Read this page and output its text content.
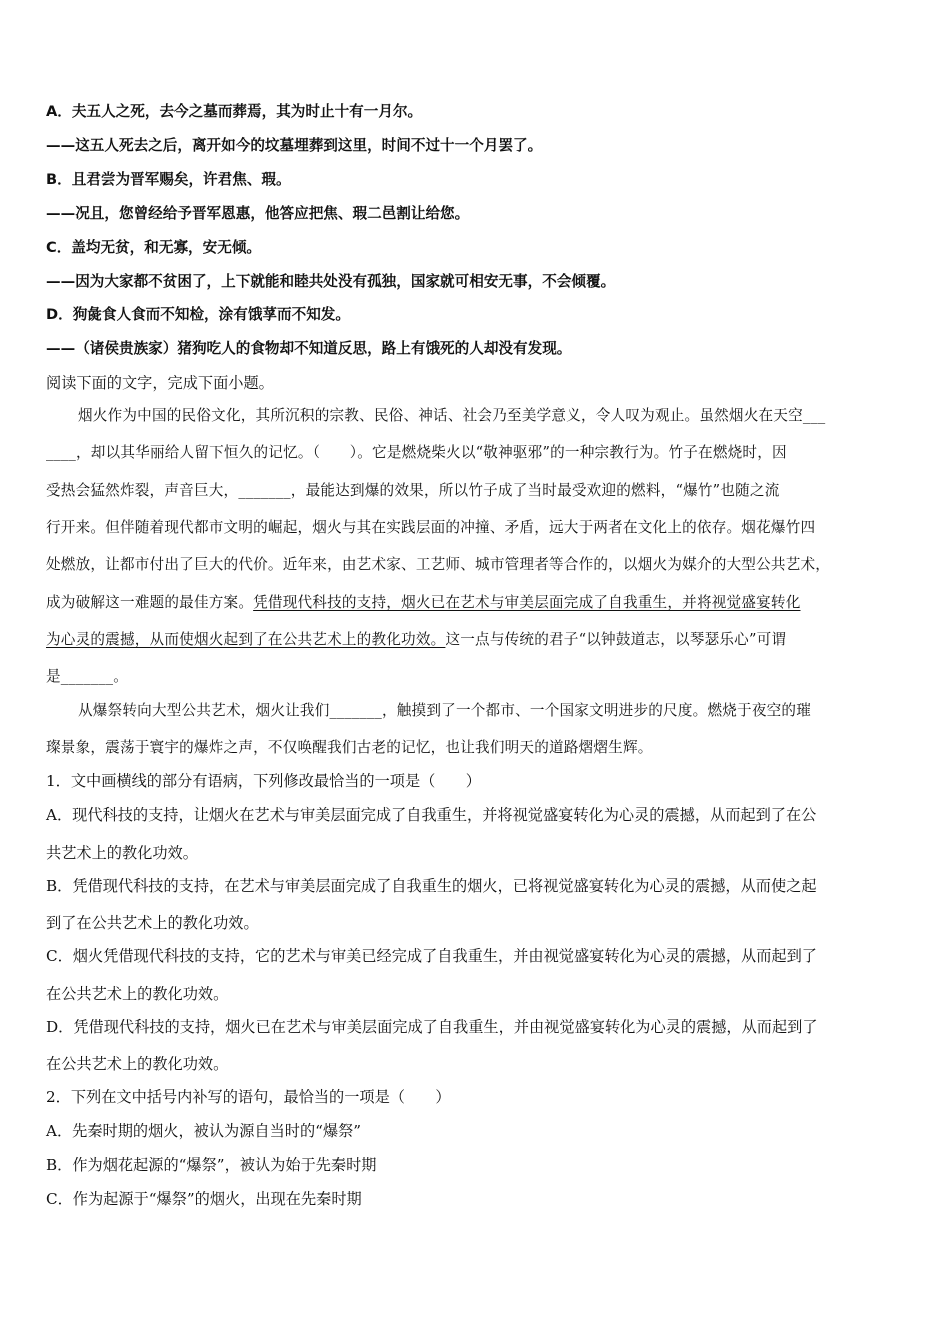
A．夫五人之死，去今之墓而葬焉，其为时止十有一月尔。
——这五人死去之后，离开如今的坟墓埋葬到这里，时间不过十一个月罢了。
B．且君尝为晋军赐矣，许君焦、瑕。
——况且，您曾经给予晋军恩惠，他答应把焦、瑕二邑割让给您。
C．盖均无贫，和无寡，安无倾。
——因为大家都不贫困了，上下就能和睦共处没有孤独，国家就可相安无事，不会倾覆。
D．狗彘食人食而不知检，涂有饿莩而不知发。
——（诸侯贵族家）猪狗吃人的食物却不知道反思，路上有饿死的人却没有发现。
阅读下面的文字，完成下面小题。
烟火作为中国的民俗文化，其所沉积的宗教、民俗、神话、社会乃至美学意义，令人叹为观止。虽然烟火在天空___
____，却以其华丽给人留下恒久的记忆。（　　）。它是燃烧柴火以“敬神驱邪”的一种宗教行为。竹子在燃烧时，因
受热会猛然炸裂，声音巨大，_______，最能达到爆的效果，所以竹子成了当时最受欢迎的燃料，“爆竹”也随之流
行开来。但伴随着现代都市文明的崛起，烟火与其在实践层面的冲撞、矛盾，远大于两者在文化上的依存。烟花爆竹四
处燃放，让都市付出了巨大的代价。近年来，由艺术家、工艺师、城市管理者等合作的，以烟火为媒介的大型公共艺术，
成为破解这一难题的最佳方案。凭借现代科技的支持，烟火已在艺术与审美层面完成了自我重生，并将视觉盛宴转化
为心灵的震撼，从而使烟火起到了在公共艺术上的教化功效。这一点与传统的君子“以钟鼓道志，以琴瑟乐心”可谓
是_______。
从爆祭转向大型公共艺术，烟火让我们_______，触摸到了一个都市、一个国家文明进步的尺度。燃烧于夜空的璀
璨景象，震荡于寰宇的爆炸之声，不仅唤醒我们古老的记忆，也让我们明天的道路熠熠生辉。
1．文中画横线的部分有语病，下列修改最恰当的一项是（　　）
A．现代科技的支持，让烟火在艺术与审美层面完成了自我重生，并将视觉盛宴转化为心灵的震撼，从而起到了在公
共艺术上的教化功效。
B．凭借现代科技的支持，在艺术与审美层面完成了自我重生的烟火，已将视觉盛宴转化为心灵的震撼，从而使之起
到了在公共艺术上的教化功效。
C．烟火凭借现代科技的支持，它的艺术与审美已经完成了自我重生，并由视觉盛宴转化为心灵的震撼，从而起到了
在公共艺术上的教化功效。
D．凭借现代科技的支持，烟火已在艺术与审美层面完成了自我重生，并由视觉盛宴转化为心灵的震撼，从而起到了
在公共艺术上的教化功效。
2．下列在文中括号内补写的语句，最恰当的一项是（　　）
A．先秦时期的烟火，被认为源自当时的“爆祭”
B．作为烟花起源的“爆祭”，被认为始于先秦时期
C．作为起源于“爆祭”的烟火，出现在先秦时期
